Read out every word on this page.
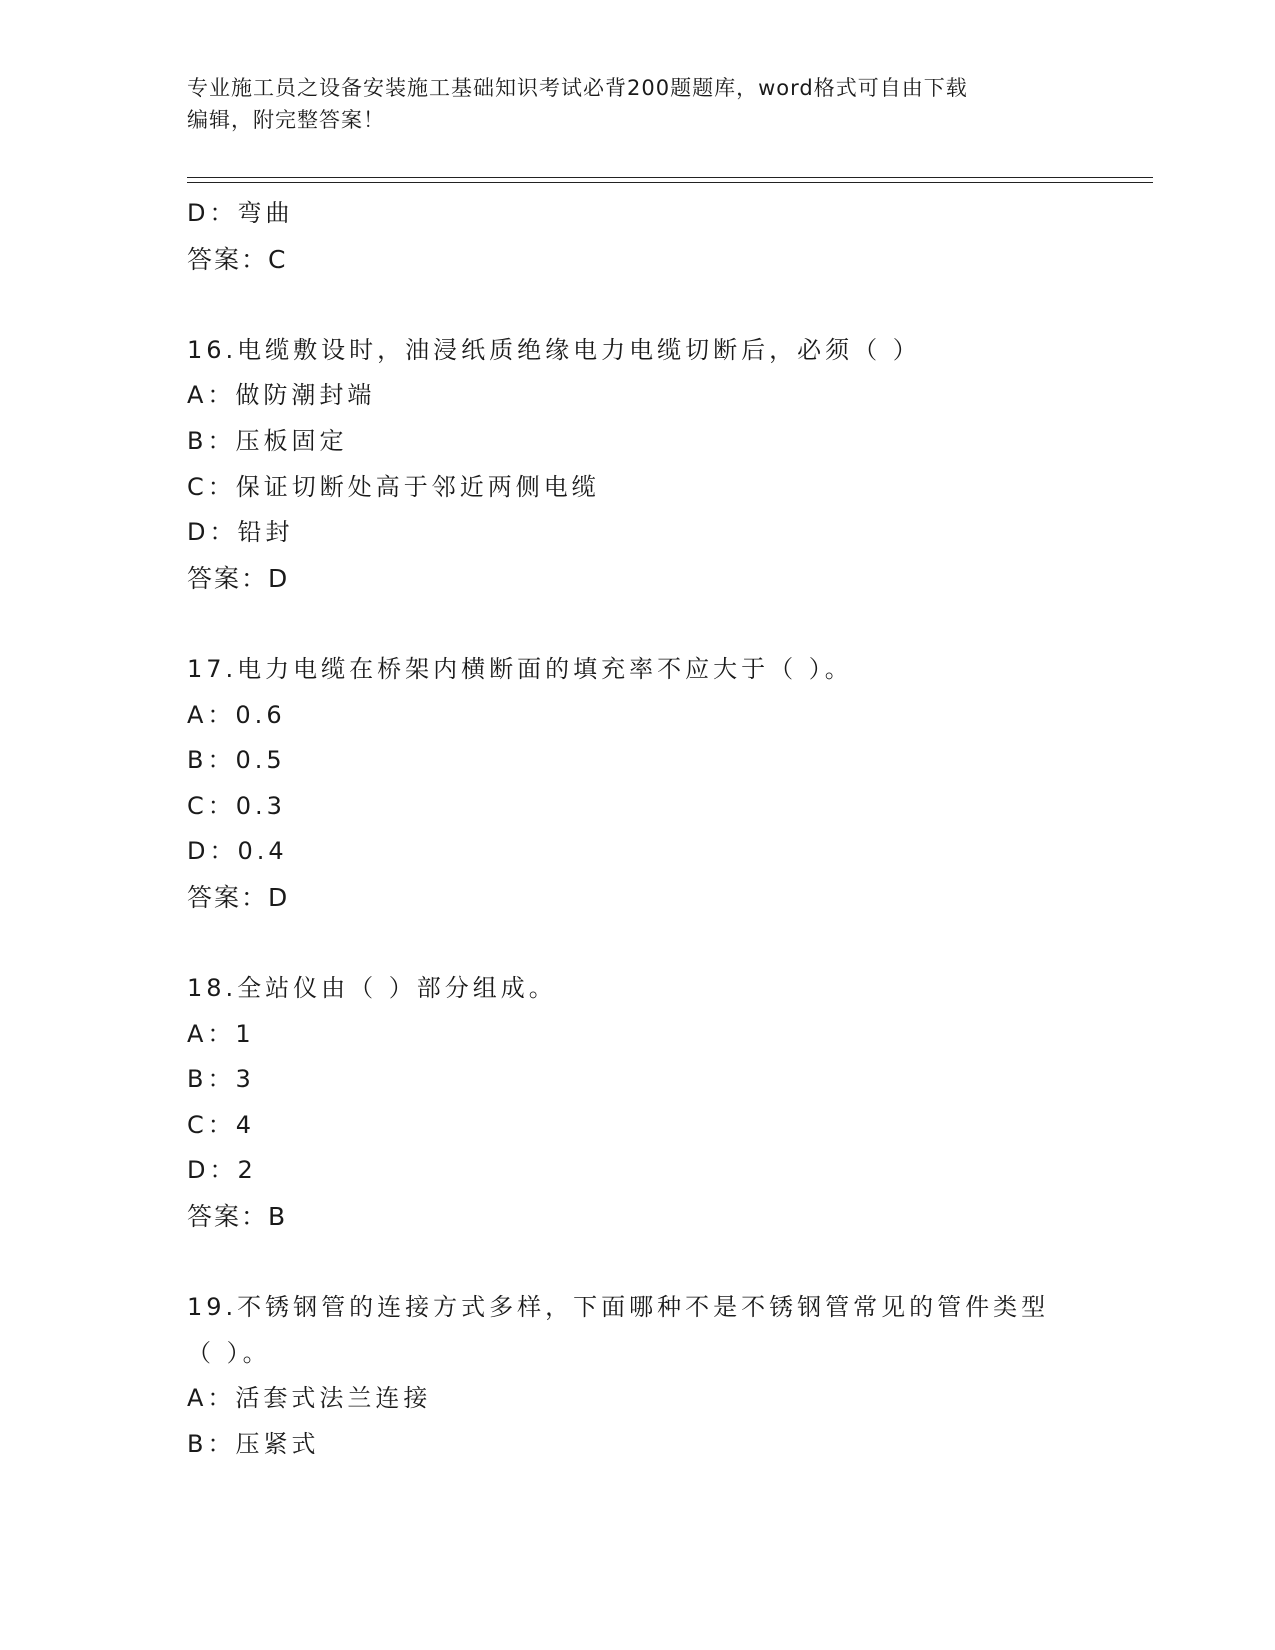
专业施工员之设备安装施工基础知识考试必背200题题库，word格式可自由下载
编辑，附完整答案！
D：弯曲
答案：C
16.电缆敷设时，油浸纸质绝缘电力电缆切断后，必须（ ）
A：做防潮封端
B：压板固定
C：保证切断处高于邻近两侧电缆
D：铅封
答案：D
17.电力电缆在桥架内横断面的填充率不应大于（ ）。
A：0.6
B：0.5
C：0.3
D：0.4
答案：D
18.全站仪由（ ）部分组成。
A：1
B：3
C：4
D：2
答案：B
19.不锈钢管的连接方式多样，下面哪种不是不锈钢管常见的管件类型
（ ）。
A：活套式法兰连接
B：压紧式
